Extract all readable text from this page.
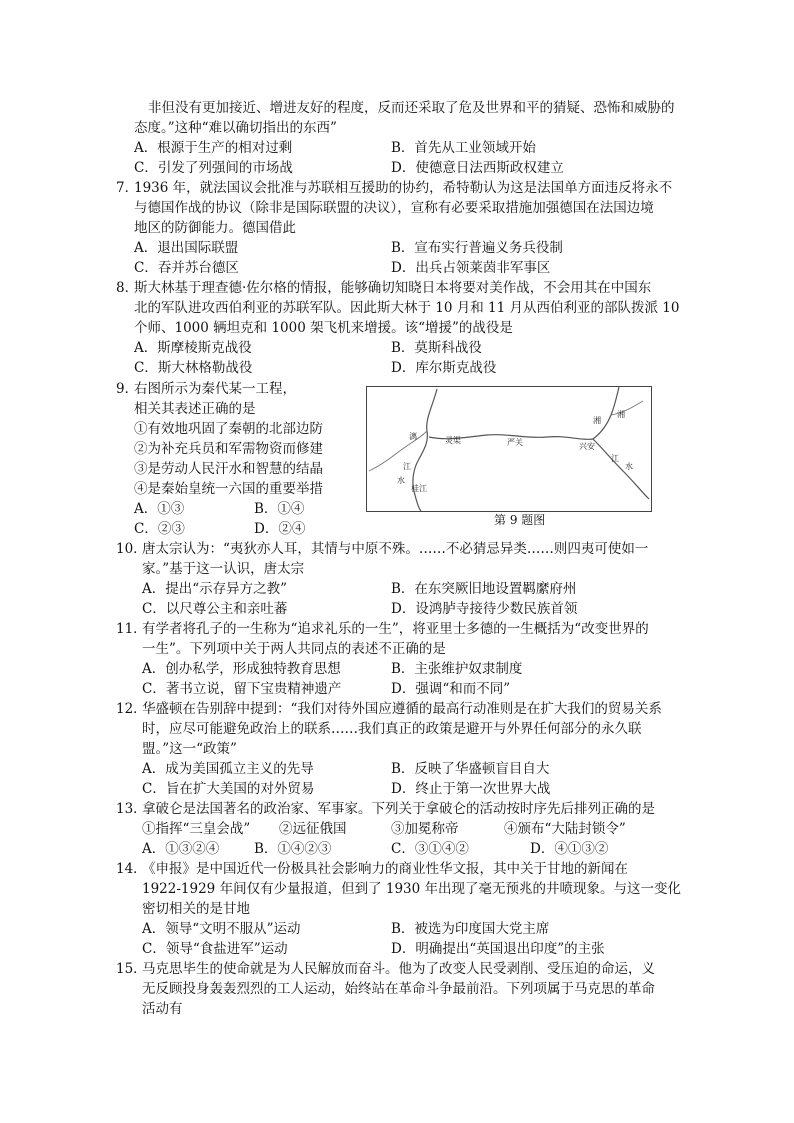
非但没有更加接近、增进友好的程度，反而还采取了危及世界和平的猜疑、恐怖和威胁的
态度。”这种“难以确切指出的东西”
A．根源于生产的相对过剩	B．首先从工业领域开始
C．引发了列强间的市场战	D．使德意日法西斯政权建立
7．
1936 年，就法国议会批准与苏联相互援助的协约，希特勒认为这是法国单方面违反将永不
与德国作战的协议（除非是国际联盟的决议），宣称有必要采取措施加强德国在法国边境
地区的防御能力。德国借此
A．退出国际联盟	B．宣布实行普遍义务兵役制
C．吞并苏台德区	D．出兵占领莱茵非军事区
8．
斯大林基于理查德·佐尔格的情报，能够确切知晓日本将要对美作战，不会用其在中国东
北的军队进攻西伯利亚的苏联军队。因此斯大林于 10 月和 11 月从西伯利亚的部队拨派 10
个师、1000 辆坦克和 1000 架飞机来增援。该“增援”的战役是
A．斯摩棱斯克战役	B．莫斯科战役
C．斯大林格勒战役	D．库尔斯克战役
9．
右图所示为秦代某一工程，
相关其表述正确的是
①有效地巩固了秦朝的北部边防
②为补充兵员和军需物资而修建
③是劳动人民汗水和智慧的结晶
④是秦始皇统一六国的重要举措
A．①③	B．①④
C．②③	D．②④
漓
江
水
桂江
灵渠	严关	兴安
湘
湘
江
水
第 9 题图
10．
唐太宗认为：“夷狄亦人耳，其情与中原不殊。……不必猜忌异类……则四夷可使如一
家。”基于这一认识，唐太宗
A．提出“示存异方之教”	B．在东突厥旧地设置羁縻府州
C．以尺尊公主和亲吐蕃	D．设鸿胪寺接待少数民族首领
11．
有学者将孔子的一生称为“追求礼乐的一生”，将亚里士多德的一生概括为“改变世界的
一生”。下列项中关于两人共同点的表述不正确的是
A．创办私学，形成独特教育思想	B．主张维护奴隶制度
C．著书立说，留下宝贵精神遗产	D．强调“和而不同”
12．
华盛顿在告别辞中提到：“我们对待外国应遵循的最高行动准则是在扩大我们的贸易关系
时，应尽可能避免政治上的联系……我们真正的政策是避开与外界任何部分的永久联
盟。”这一“政策”
A．成为美国孤立主义的先导	B．反映了华盛顿盲目自大
C．旨在扩大美国的对外贸易	D．终止于第一次世界大战
13．
拿破仑是法国著名的政治家、军事家。下列关于拿破仑的活动按时序先后排列正确的是
①指挥“三皇会战” ②远征俄国	③加冕称帝	④颁布“大陆封锁令”
A．①③②④	B．①④②③	C．③①④②	D．④①③②
14．
《申报》是中国近代一份极具社会影响力的商业性华文报，其中关于甘地的新闻在
1922-1929 年间仅有少量报道，但到了 1930 年出现了毫无预兆的井喷现象。与这一变化
密切相关的是甘地
A．领导“文明不服从”运动	B．被选为印度国大党主席
C．领导“食盐进军”运动	D．明确提出“英国退出印度”的主张
15．
马克思毕生的使命就是为人民解放而奋斗。他为了改变人民受剥削、受压迫的命运，义
无反顾投身轰轰烈烈的工人运动，始终站在革命斗争最前沿。下列项属于马克思的革命
活动有
